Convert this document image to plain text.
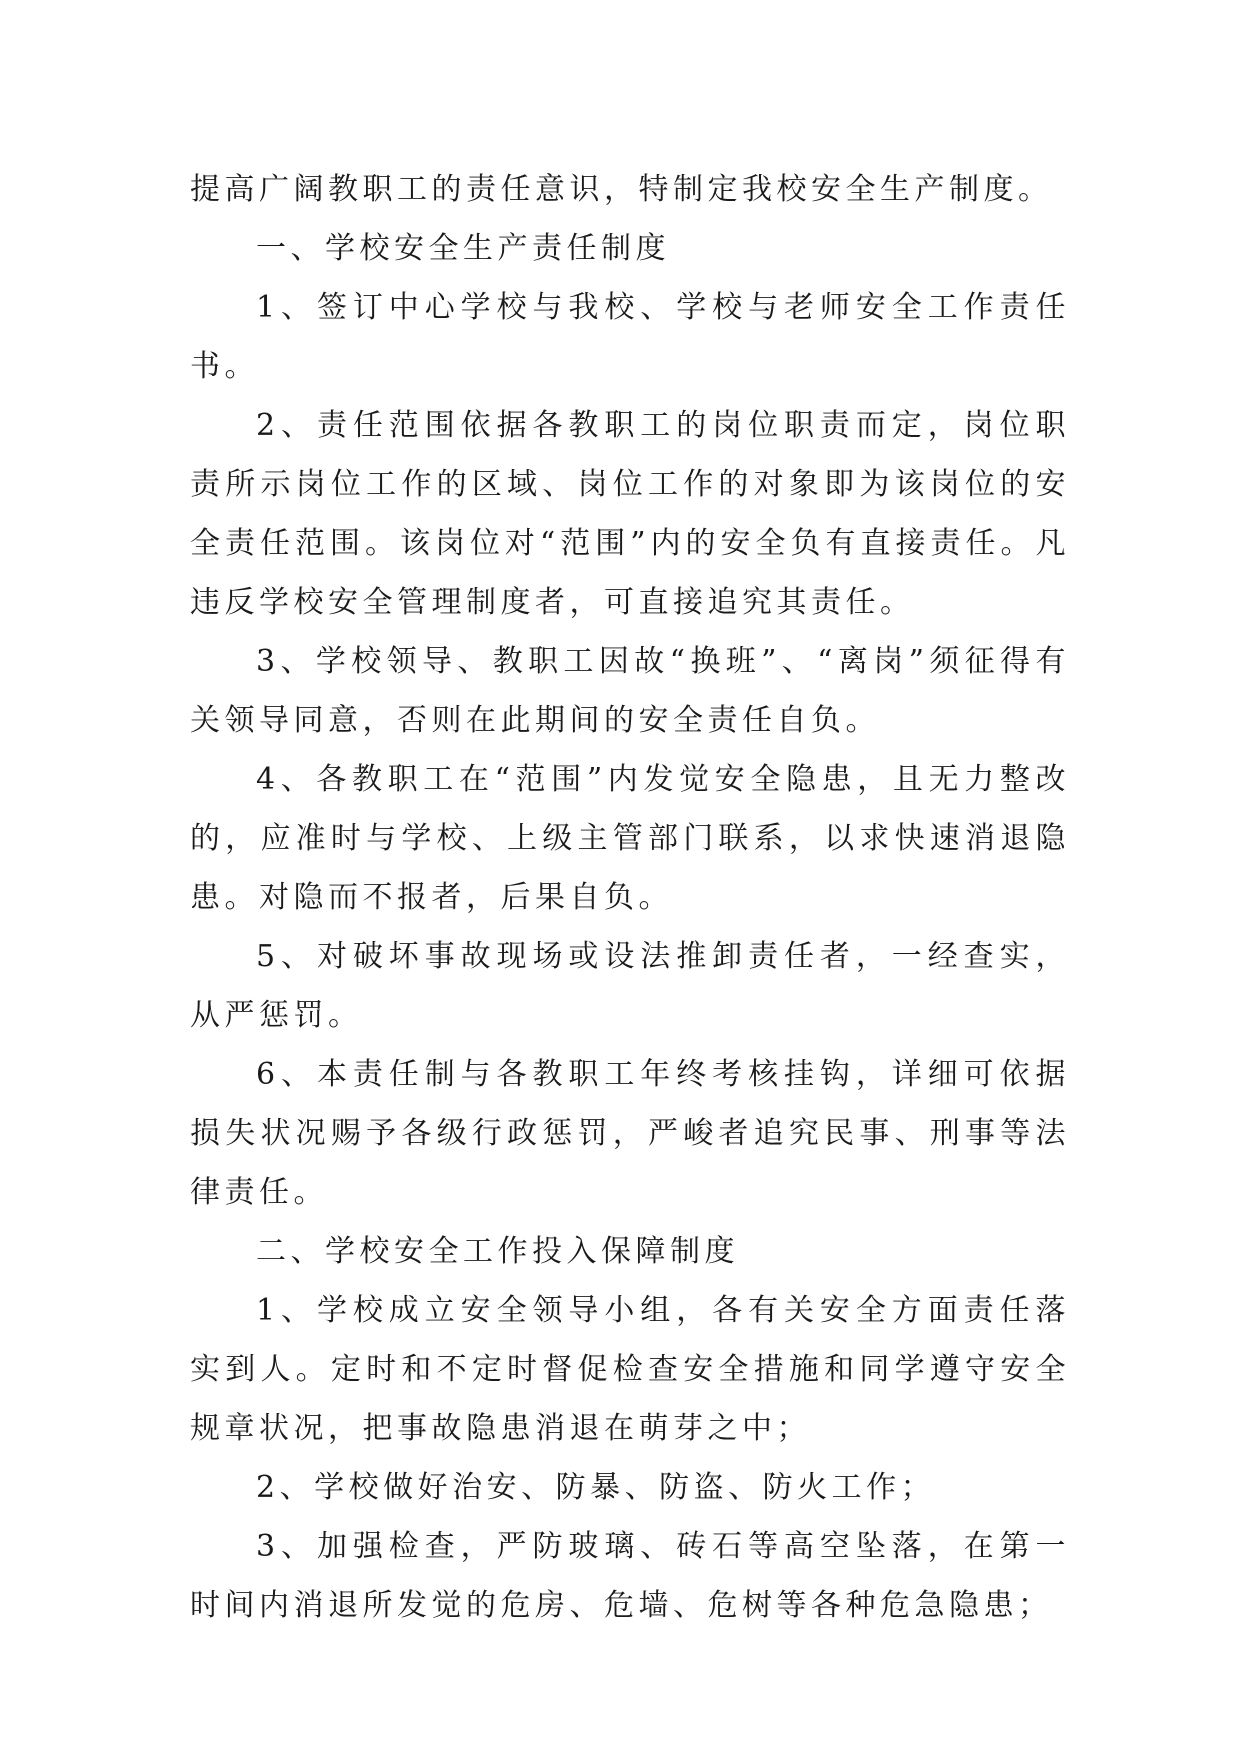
提高广阔教职工的责任意识，特制定我校安全生产制度。

一、学校安全生产责任制度

1、签订中心学校与我校、学校与老师安全工作责任书。

2、责任范围依据各教职工的岗位职责而定，岗位职责所示岗位工作的区域、岗位工作的对象即为该岗位的安全责任范围。该岗位对“范围”内的安全负有直接责任。凡违反学校安全管理制度者，可直接追究其责任。

3、学校领导、教职工因故“换班”、“离岗”须征得有关领导同意，否则在此期间的安全责任自负。

4、各教职工在“范围”内发觉安全隐患，且无力整改的，应准时与学校、上级主管部门联系，以求快速消退隐患。对隐而不报者，后果自负。

5、对破坏事故现场或设法推卸责任者，一经查实，从严惩罚。

6、本责任制与各教职工年终考核挂钩，详细可依据损失状况赐予各级行政惩罚，严峻者追究民事、刑事等法律责任。

二、学校安全工作投入保障制度

1、学校成立安全领导小组，各有关安全方面责任落实到人。定时和不定时督促检查安全措施和同学遵守安全规章状况，把事故隐患消退在萌芽之中；

2、学校做好治安、防暴、防盗、防火工作；

3、加强检查，严防玻璃、砖石等高空坠落，在第一时间内消退所发觉的危房、危墙、危树等各种危急隐患；
